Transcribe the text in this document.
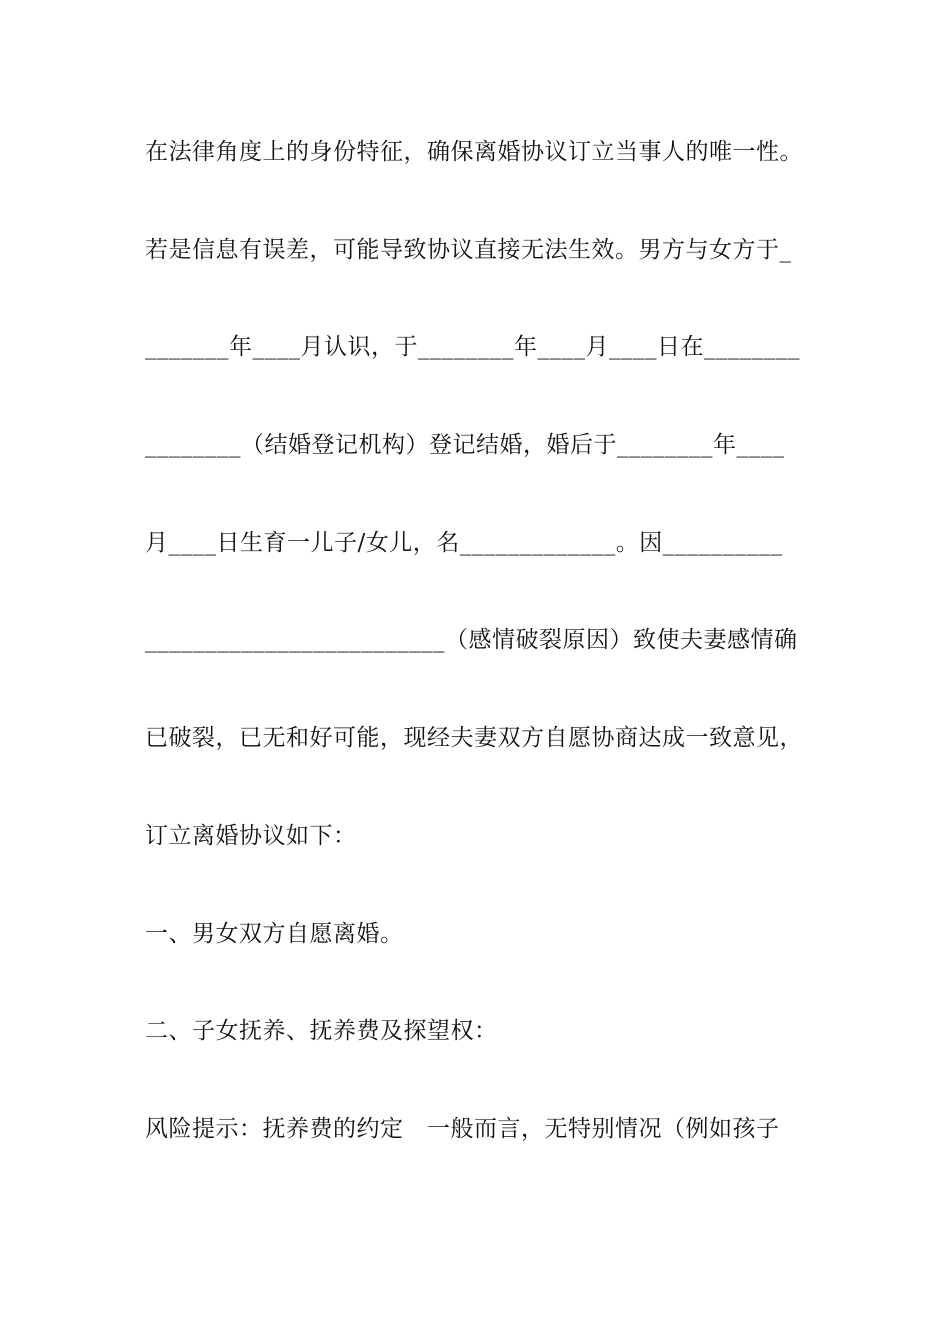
在法律角度上的身份特征，确保离婚协议订立当事人的唯一性。
若是信息有误差，可能导致协议直接无法生效。男方与女方于_
_______年____月认识，于________年____月____日在________
________（结婚登记机构）登记结婚，婚后于________年____
月____日生育一儿子/女儿，名_____________。因__________
_________________________（感情破裂原因）致使夫妻感情确
已破裂，已无和好可能，现经夫妻双方自愿协商达成一致意见，
订立离婚协议如下：
一、男女双方自愿离婚。
二、子女抚养、抚养费及探望权：
风险提示：抚养费的约定　一般而言，无特别情况（例如孩子
